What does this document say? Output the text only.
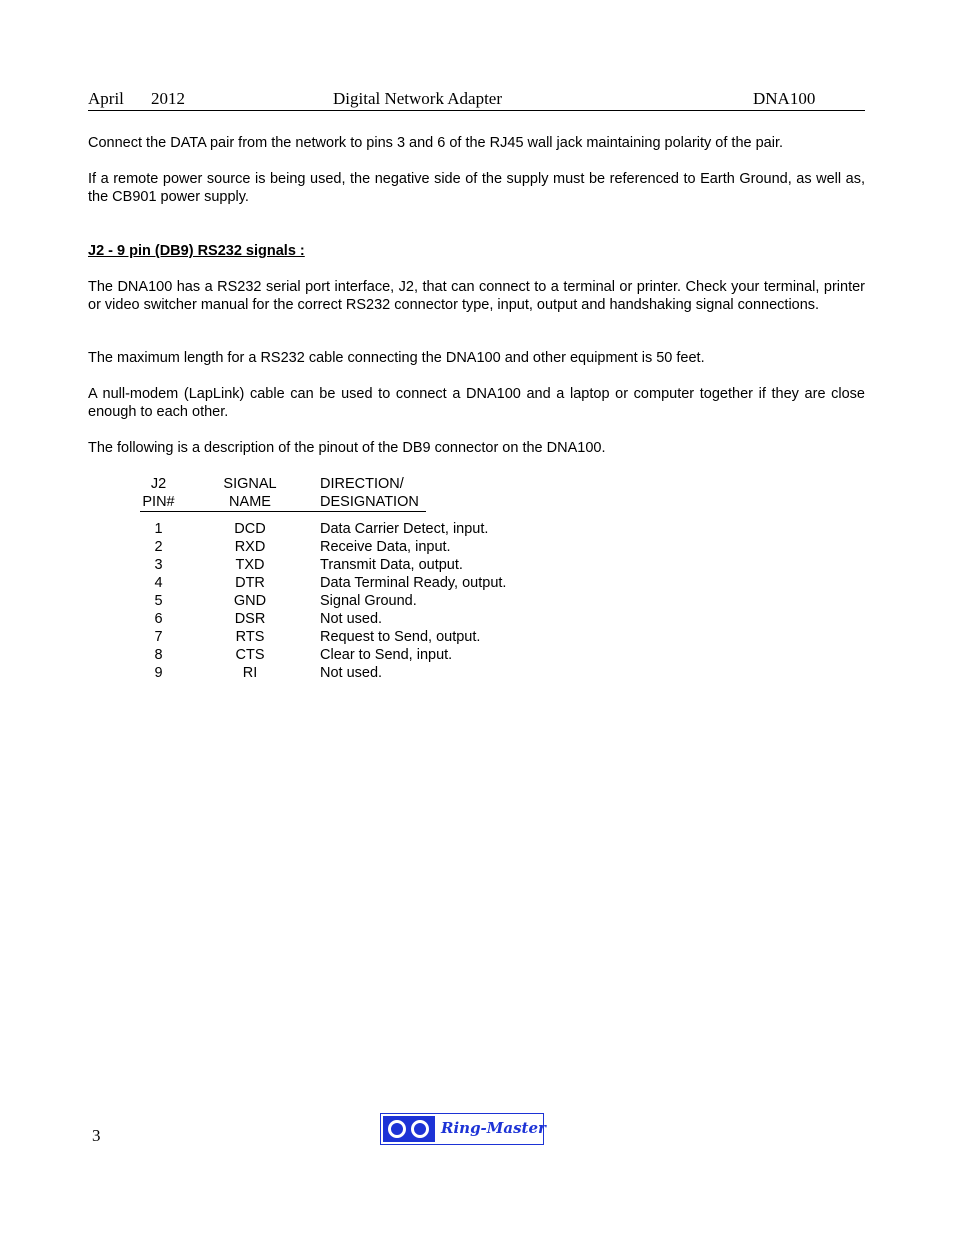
April 2012	Digital Network Adapter	DNA100

Connect the DATA pair from the network to pins 3 and 6 of the RJ45 wall jack maintaining polarity of the pair.

If a remote power source is being used, the negative side of the supply must be referenced to Earth Ground, as well as, the CB901 power supply.

J2 - 9 pin (DB9) RS232 signals :

The DNA100 has a RS232 serial port interface, J2, that can connect to a terminal or printer. Check your terminal, printer or video switcher manual for the correct RS232 connector type, input, output and handshaking signal connections.

The maximum length for a RS232 cable connecting the DNA100 and other equipment is 50 feet.

A null-modem (LapLink) cable can be used to connect a DNA100 and a laptop or computer together if they are close enough to each other.

The following is a description of the pinout of the DB9 connector on the DNA100.

J2	SIGNAL	DIRECTION/
PIN#	NAME	DESIGNATION
1	DCD	Data Carrier Detect, input.
2	RXD	Receive Data, input.
3	TXD	Transmit Data, output.
4	DTR	Data Terminal Ready, output.
5	GND	Signal Ground.
6	DSR	Not used.
7	RTS	Request to Send, output.
8	CTS	Clear to Send, input.
9	RI	Not used.
3	Ring-Master
